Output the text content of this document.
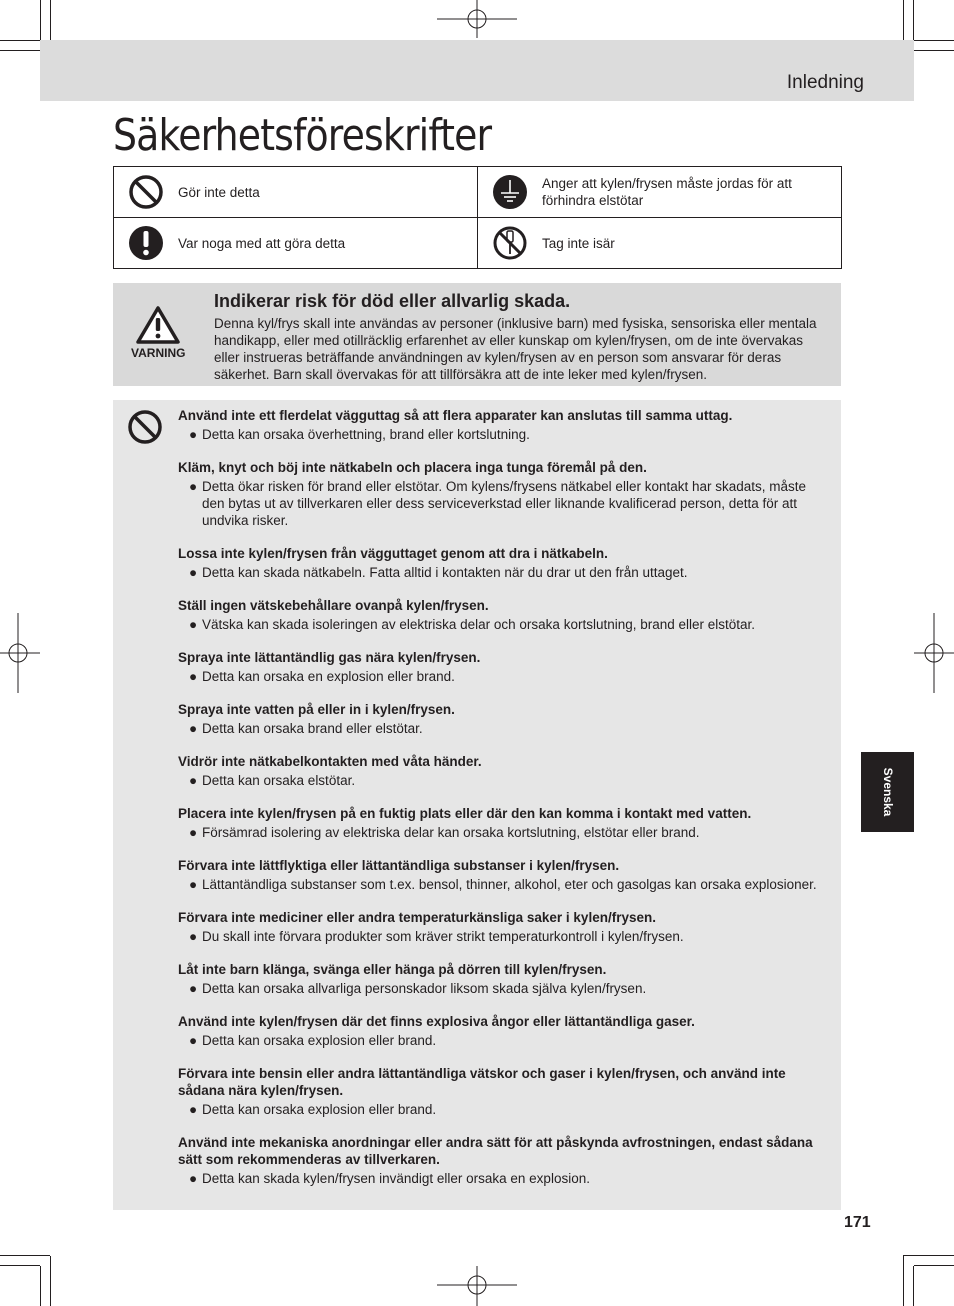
Inledning
Säkerhetsföreskrifter
Gör inte detta
Anger att kylen/frysen måste jordas för att förhindra elstötar
Var noga med att göra detta	Tag inte isär
VARNING
Indikerar risk för död eller allvarlig skada.
Denna kyl/frys skall inte användas av personer (inklusive barn) med fysiska, sensoriska eller mentala handikapp, eller med otillräcklig erfarenhet av eller kunskap om kylen/frysen, om de inte övervakas eller instrueras beträffande användningen av kylen/frysen av en person som ansvarar för deras säkerhet. Barn skall övervakas för att tillförsäkra att de inte leker med kylen/frysen.
Använd inte ett flerdelat vägguttag så att flera apparater kan anslutas till samma uttag.
● Detta kan orsaka överhettning, brand eller kortslutning.
Kläm, knyt och böj inte nätkabeln och placera inga tunga föremål på den.
● Detta ökar risken för brand eller elstötar. Om kylens/frysens nätkabel eller kontakt har skadats, måste den bytas ut av tillverkaren eller dess serviceverkstad eller liknande kvalificerad person, detta för att undvika risker.
Lossa inte kylen/frysen från vägguttaget genom att dra i nätkabeln.
● Detta kan skada nätkabeln. Fatta alltid i kontakten när du drar ut den från uttaget.
Ställ ingen vätskebehållare ovanpå kylen/frysen.
● Vätska kan skada isoleringen av elektriska delar och orsaka kortslutning, brand eller elstötar.
Spraya inte lättantändlig gas nära kylen/frysen.
● Detta kan orsaka en explosion eller brand.
Spraya inte vatten på eller in i kylen/frysen.
● Detta kan orsaka brand eller elstötar.
Vidrör inte nätkabelkontakten med våta händer.
● Detta kan orsaka elstötar.
Placera inte kylen/frysen på en fuktig plats eller där den kan komma i kontakt med vatten.
● Försämrad isolering av elektriska delar kan orsaka kortslutning, elstötar eller brand.
Förvara inte lättflyktiga eller lättantändliga substanser i kylen/frysen.
● Lättantändliga substanser som t.ex. bensol, thinner, alkohol, eter och gasolgas kan orsaka explosioner.
Förvara inte mediciner eller andra temperaturkänsliga saker i kylen/frysen.
● Du skall inte förvara produkter som kräver strikt temperaturkontroll i kylen/frysen.
Låt inte barn klänga, svänga eller hänga på dörren till kylen/frysen.
● Detta kan orsaka allvarliga personskador liksom skada själva kylen/frysen.
Använd inte kylen/frysen där det finns explosiva ångor eller lättantändliga gaser.
● Detta kan orsaka explosion eller brand.
Förvara inte bensin eller andra lättantändliga vätskor och gaser i kylen/frysen, och använd inte sådana nära kylen/frysen.
● Detta kan orsaka explosion eller brand.
Använd inte mekaniska anordningar eller andra sätt för att påskynda avfrostningen, endast sådana sätt som rekommenderas av tillverkaren.
● Detta kan skada kylen/frysen invändigt eller orsaka en explosion.
Svenska
171
